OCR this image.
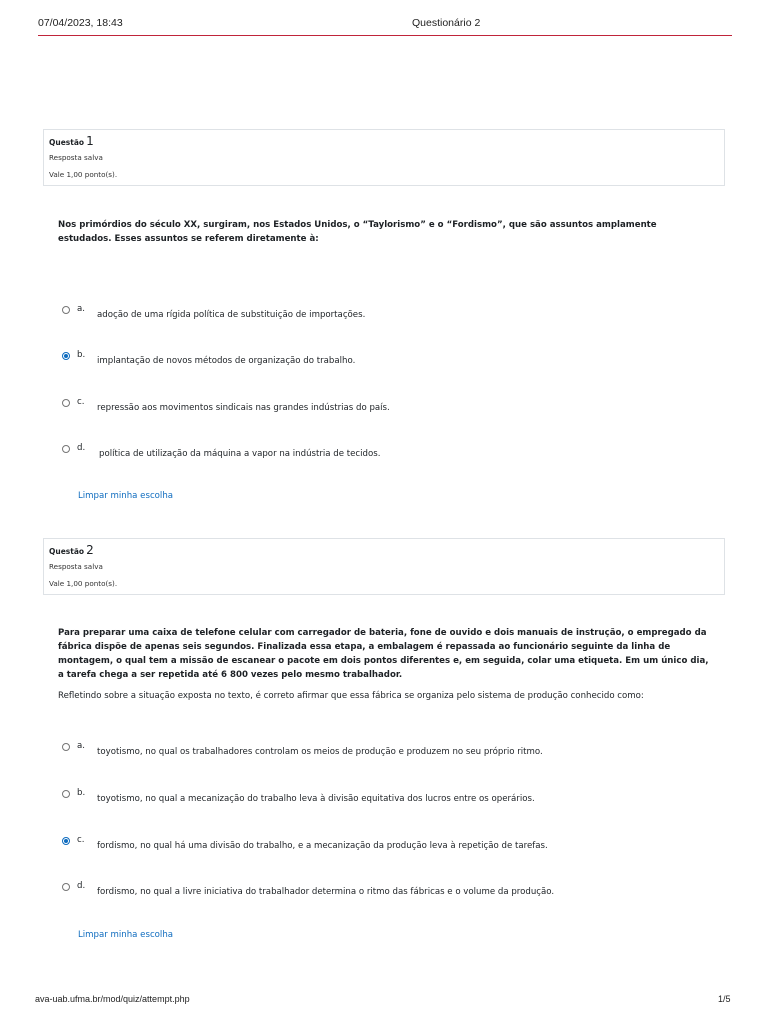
07/04/2023, 18:43	Questionário 2
Questão 1
Resposta salva
Vale 1,00 ponto(s).
Nos primórdios do século XX, surgiram, nos Estados Unidos, o “Taylorismo” e o “Fordismo”, que são assuntos amplamente estudados. Esses assuntos se referem diretamente à:
a.
adoção de uma rígida política de substituição de importações.
b.
implantação de novos métodos de organização do trabalho.
c.
repressão aos movimentos sindicais nas grandes indústrias do país.
d.
política de utilização da máquina a vapor na indústria de tecidos.
Limpar minha escolha
Questão 2
Resposta salva
Vale 1,00 ponto(s).
Para preparar uma caixa de telefone celular com carregador de bateria, fone de ouvido e dois manuais de instrução, o empregado da fábrica dispõe de apenas seis segundos. Finalizada essa etapa, a embalagem é repassada ao funcionário seguinte da linha de montagem, o qual tem a missão de escanear o pacote em dois pontos diferentes e, em seguida, colar uma etiqueta. Em um único dia, a tarefa chega a ser repetida até 6 800 vezes pelo mesmo trabalhador.
Refletindo sobre a situação exposta no texto, é correto afirmar que essa fábrica se organiza pelo sistema de produção conhecido como:
a.
toyotismo, no qual os trabalhadores controlam os meios de produção e produzem no seu próprio ritmo.
b.
toyotismo, no qual a mecanização do trabalho leva à divisão equitativa dos lucros entre os operários.
c.
fordismo, no qual há uma divisão do trabalho, e a mecanização da produção leva à repetição de tarefas.
d.
fordismo, no qual a livre iniciativa do trabalhador determina o ritmo das fábricas e o volume da produção.
Limpar minha escolha
ava-uab.ufma.br/mod/quiz/attempt.php	1/5
